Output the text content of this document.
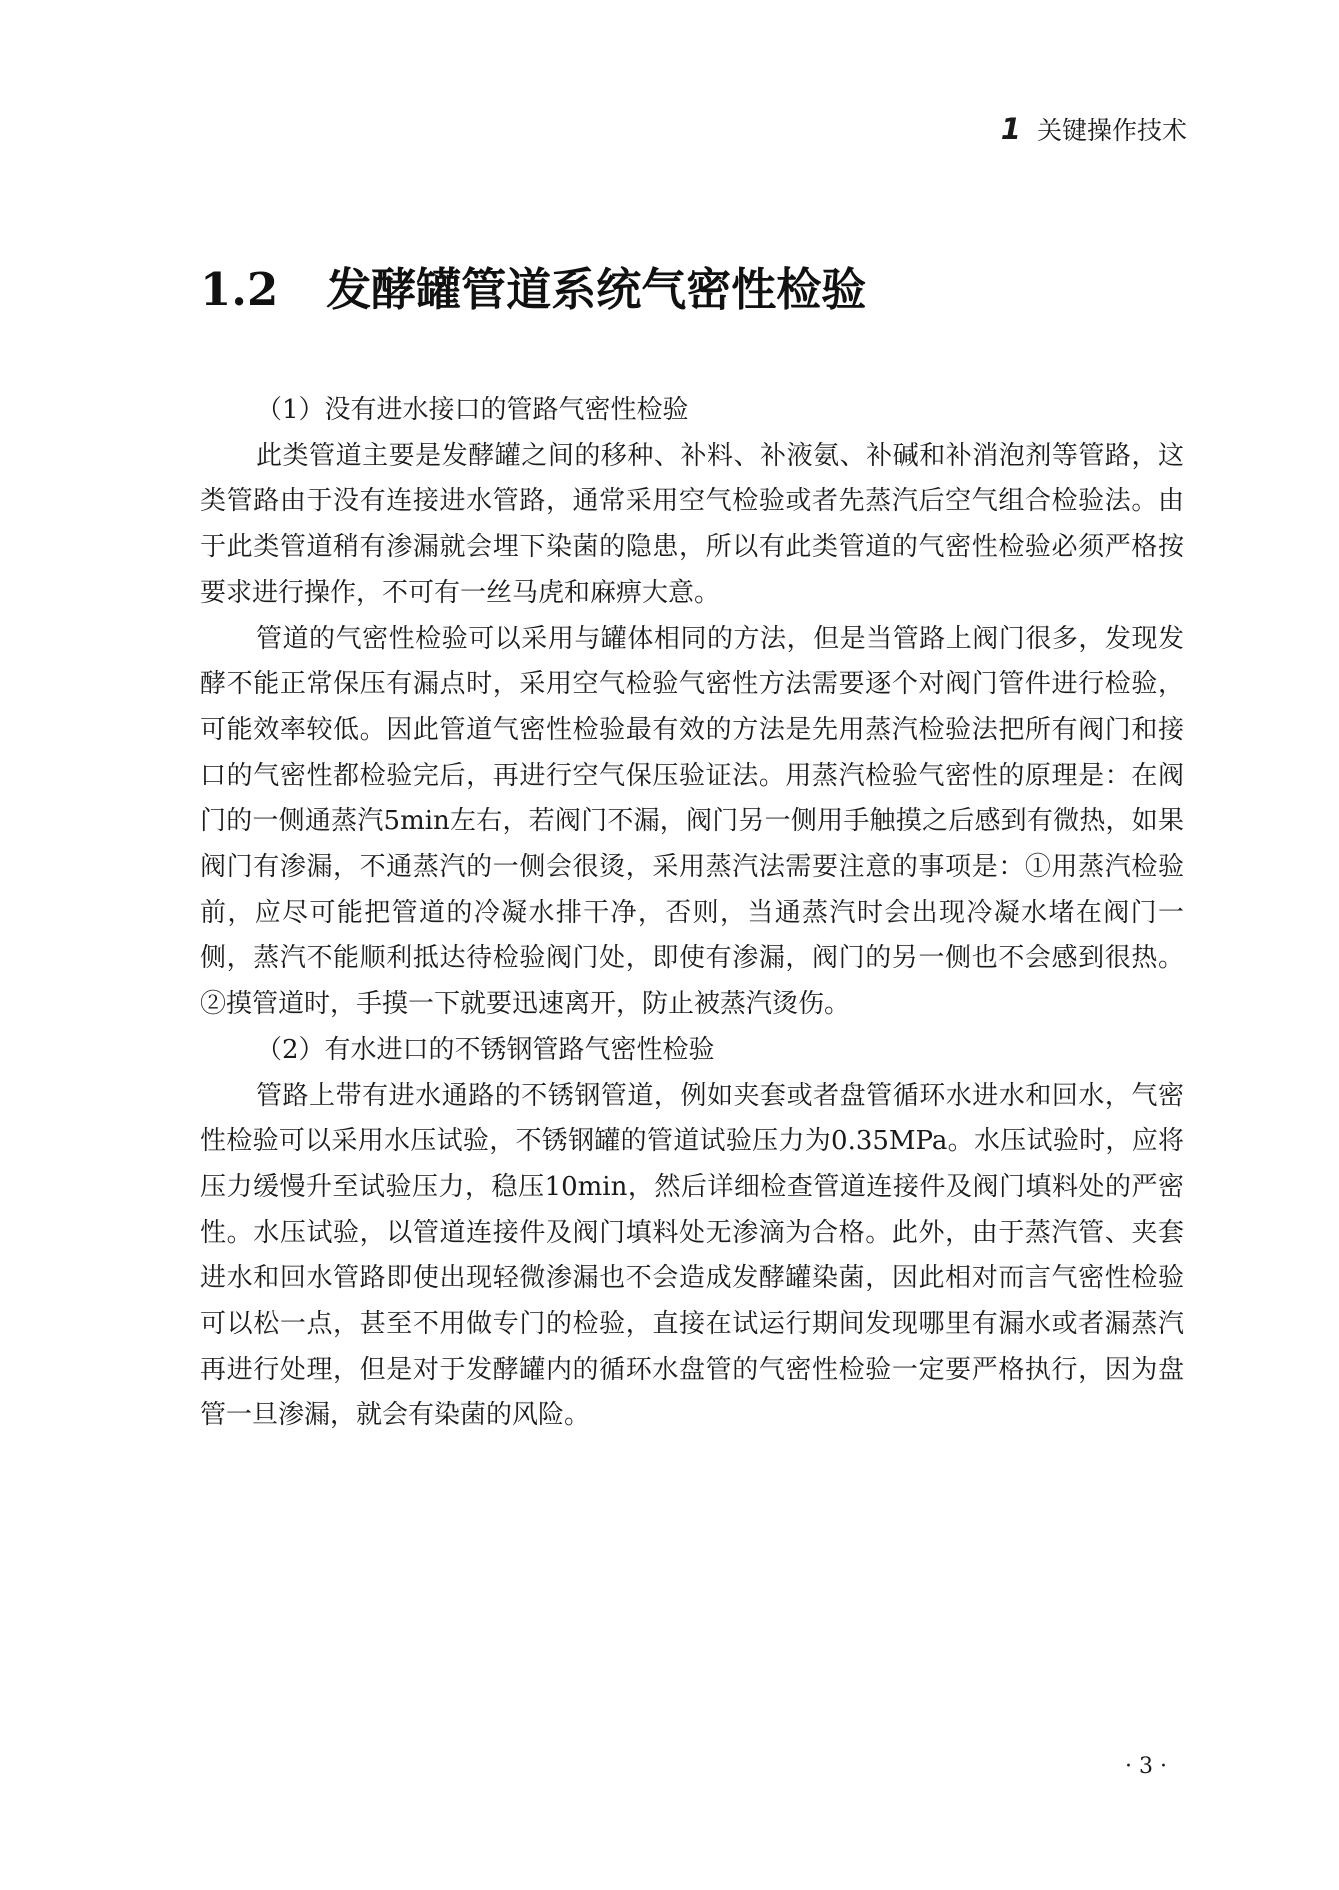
1 关键操作技术
1.2 发酵罐管道系统气密性检验

（1）没有进水接口的管路气密性检验

此类管道主要是发酵罐之间的移种、补料、补液氨、补碱和补消泡剂等管路，这类管路由于没有连接进水管路，通常采用空气检验或者先蒸汽后空气组合检验法。由于此类管道稍有渗漏就会埋下染菌的隐患，所以有此类管道的气密性检验必须严格按要求进行操作，不可有一丝马虎和麻痹大意。

管道的气密性检验可以采用与罐体相同的方法，但是当管路上阀门很多，发现发酵不能正常保压有漏点时，采用空气检验气密性方法需要逐个对阀门管件进行检验，可能效率较低。因此管道气密性检验最有效的方法是先用蒸汽检验法把所有阀门和接口的气密性都检验完后，再进行空气保压验证法。用蒸汽检验气密性的原理是：在阀门的一侧通蒸汽5min左右，若阀门不漏，阀门另一侧用手触摸之后感到有微热，如果阀门有渗漏，不通蒸汽的一侧会很烫，采用蒸汽法需要注意的事项是：①用蒸汽检验前，应尽可能把管道的冷凝水排干净，否则，当通蒸汽时会出现冷凝水堵在阀门一侧，蒸汽不能顺利抵达待检验阀门处，即使有渗漏，阀门的另一侧也不会感到很热。②摸管道时，手摸一下就要迅速离开，防止被蒸汽烫伤。

（2）有水进口的不锈钢管路气密性检验

管路上带有进水通路的不锈钢管道，例如夹套或者盘管循环水进水和回水，气密性检验可以采用水压试验，不锈钢罐的管道试验压力为0.35MPa。水压试验时，应将压力缓慢升至试验压力，稳压10min，然后详细检查管道连接件及阀门填料处的严密性。水压试验，以管道连接件及阀门填料处无渗滴为合格。此外，由于蒸汽管、夹套进水和回水管路即使出现轻微渗漏也不会造成发酵罐染菌，因此相对而言气密性检验可以松一点，甚至不用做专门的检验，直接在试运行期间发现哪里有漏水或者漏蒸汽再进行处理，但是对于发酵罐内的循环水盘管的气密性检验一定要严格执行，因为盘管一旦渗漏，就会有染菌的风险。

· 3 ·
